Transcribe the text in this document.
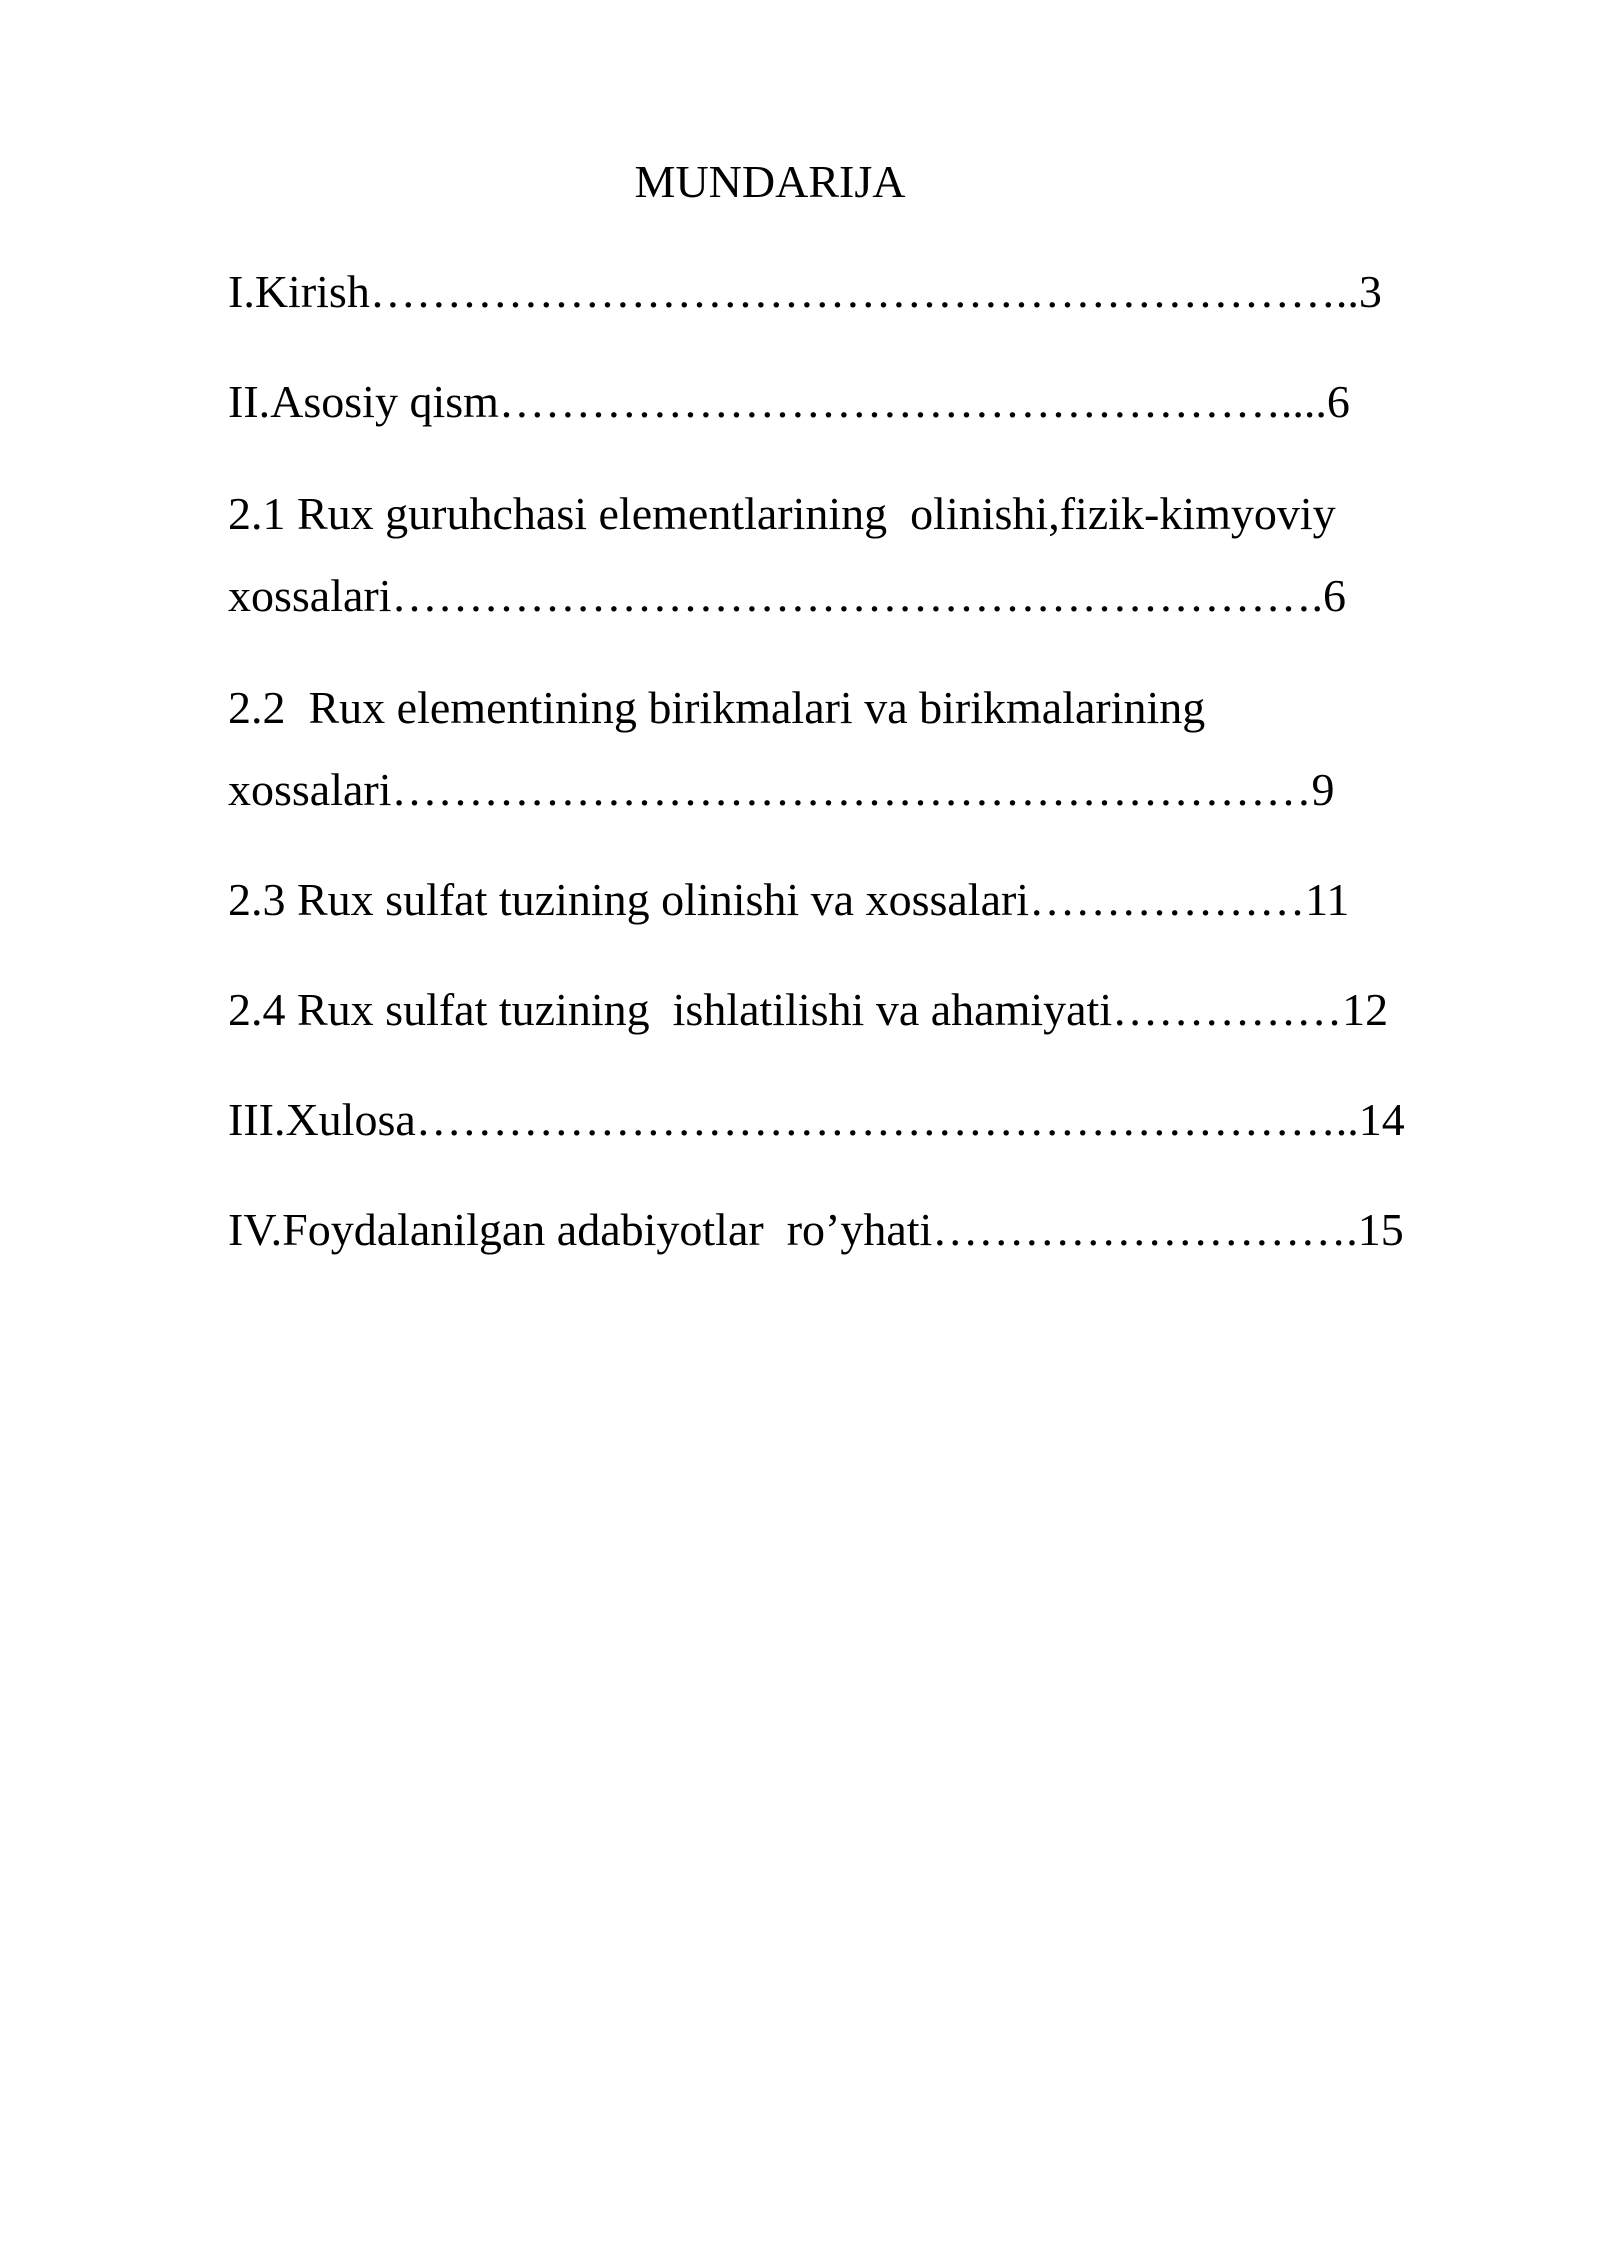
MUNDARIJA
I.Kirish………………………………………………………..3
II.Asosiy qism……………………………………………....6
2.1 Rux guruhchasi elementlarining  olinishi,fizik-kimyoviy
xossalari…………………………………………………….6
2.2  Rux elementining birikmalari va birikmalarining
xossalari……………………………………………………9
2.3 Rux sulfat tuzining olinishi va xossalari………………11
2.4 Rux sulfat tuzining  ishlatilishi va ahamiyati……………12
III.Xulosa……………………………………………………..14
IV.Foydalanilgan adabiyotlar  ro’yhati……………………….15
